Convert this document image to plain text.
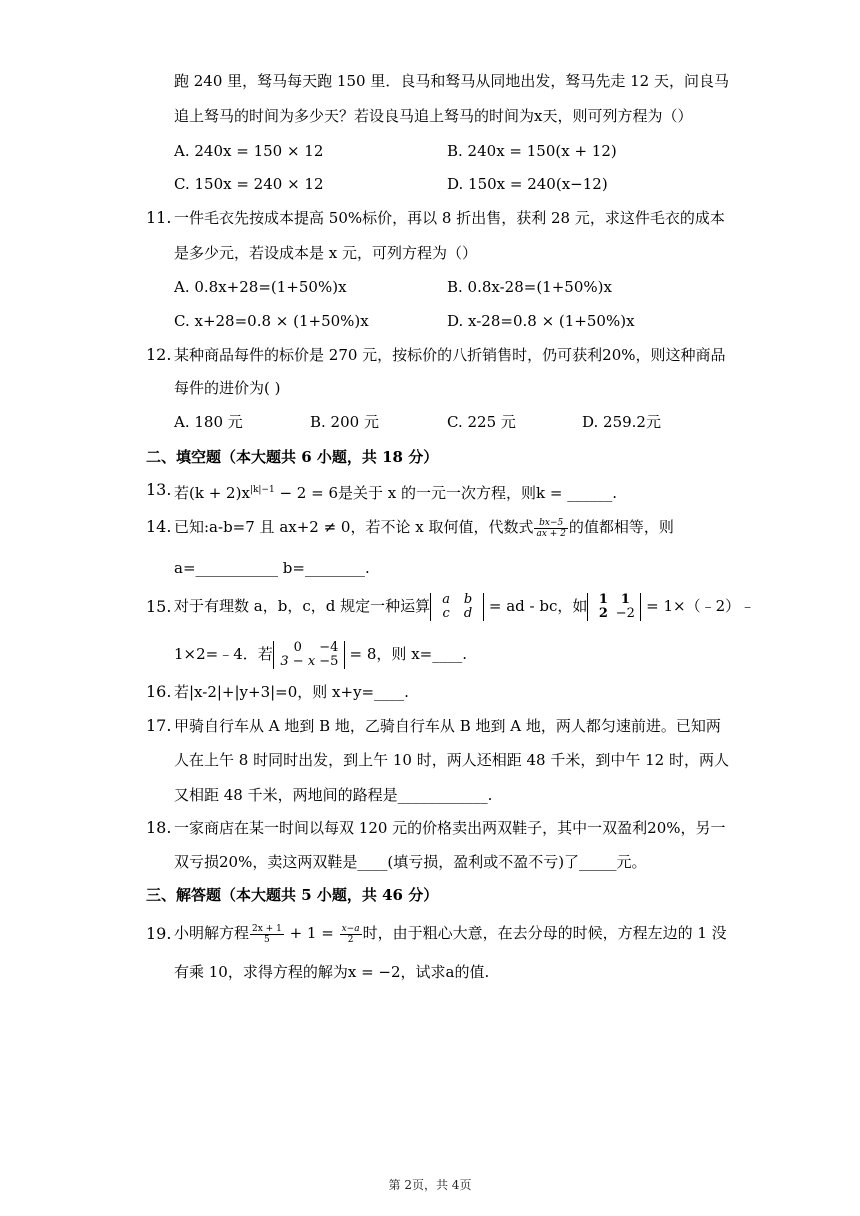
跑 240 里，驽马每天跑 150 里．良马和驽马从同地出发，驽马先走 12 天，问良马
追上驽马的时间为多少天？若设良马追上驽马的时间为x天，则可列方程为（）
A. 240x = 150 × 12	B. 240x = 150(x + 12)
C. 150x = 240 × 12	D. 150x = 240(x−12)
11. 一件毛衣先按成本提高 50%标价，再以 8 折出售，获利 28 元，求这件毛衣的成本
是多少元，若设成本是 x 元，可列方程为（）
A. 0.8x+28=(1+50%)x	B. 0.8x-28=(1+50%)x
C. x+28=0.8 × (1+50%)x	D. x-28=0.8 × (1+50%)x
12. 某种商品每件的标价是 270 元，按标价的八折销售时，仍可获利20%，则这种商品
每件的进价为( )
A. 180 元	B. 200 元	C. 225 元	D. 259.2元
二、填空题（本大题共 6 小题，共 18 分）
13. 若$(k + 2)x^{|k|-1} - 2 = 6$是关于 x 的一元一次方程，则k = ______.
14. 已知:a-b=7 且 ax+2 ≠ 0，若不论 x 取何值，代数式 $\frac{bx-5}{ax + 2}$ 的值都相等，则
a=___________ b=________.
15. 对于有理数 a，b，c，d 规定一种运算 a b
c d = ad - bc，如 1 1
2 −2 = 1×（﹣2）﹣
1×2=﹣4．若 0 −4
3 − x −5 = 8，则 x=____.
16. 若|x-2|+|y+3|=0，则 x+y=____.
17. 甲骑自行车从 A 地到 B 地，乙骑自行车从 B 地到 A 地，两人都匀速前进。已知两
人在上午 8 时同时出发，到上午 10 时，两人还相距 48 千米，到中午 12 时，两人
又相距 48 千米，两地间的路程是____________.
18. 一家商店在某一时间以每双 120 元的价格卖出两双鞋子，其中一双盈利20%，另一
双亏损20%，卖这两双鞋是____(填亏损，盈利或不盈不亏)了_____元。
三、解答题（本大题共 5 小题，共 46 分）
19. 小明解方程 $\frac{2x + 1}{5} + 1 = \frac{x-a}{2}$ 时，由于粗心大意，在去分母的时候，方程左边的 1 没
有乘 10，求得方程的解为x = −2，试求a的值.
第 2页，共 4页
